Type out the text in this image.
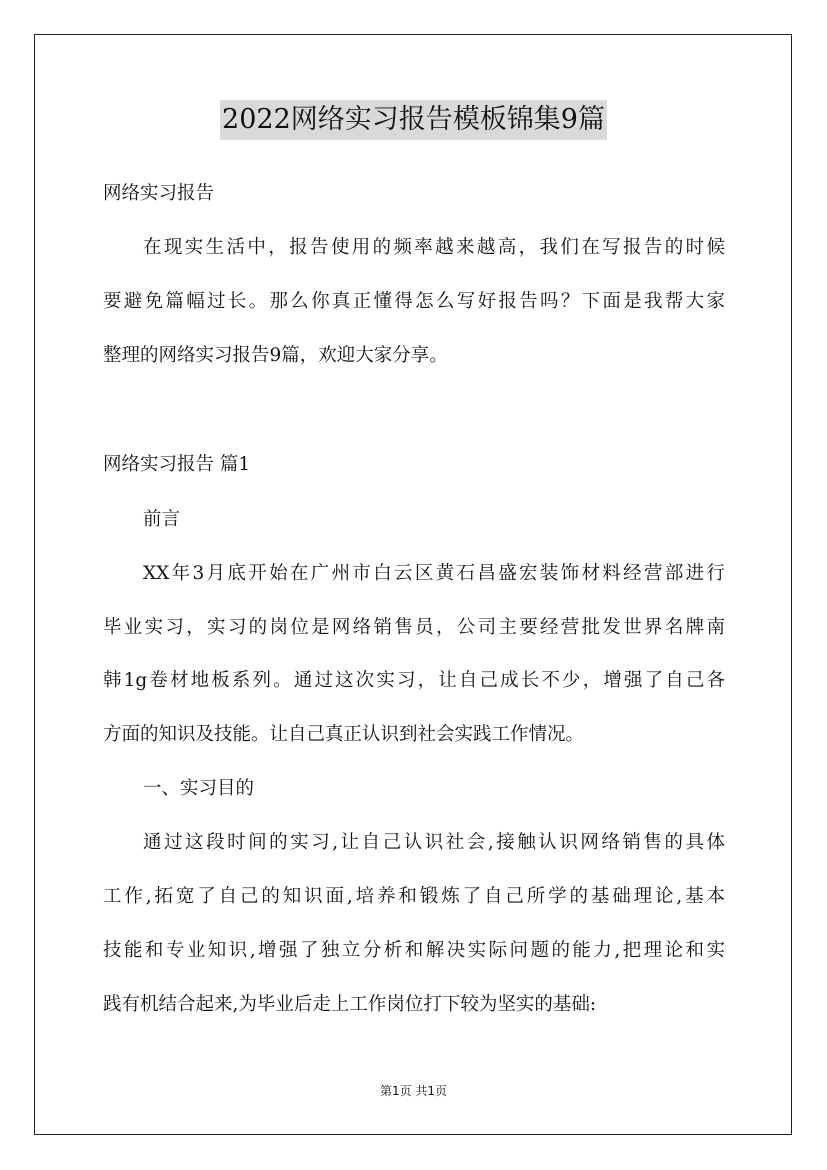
2022网络实习报告模板锦集9篇
网络实习报告
在现实生活中，报告使用的频率越来越高，我们在写报告的时候
要避免篇幅过长。那么你真正懂得怎么写好报告吗？下面是我帮大家
整理的网络实习报告9篇，欢迎大家分享。
网络实习报告 篇1
前言
XX年3月底开始在广州市白云区黄石昌盛宏装饰材料经营部进行
毕业实习，实习的岗位是网络销售员，公司主要经营批发世界名牌南
韩1g卷材地板系列。通过这次实习，让自己成长不少，增强了自己各
方面的知识及技能。让自己真正认识到社会实践工作情况。
一、实习目的
通过这段时间的实习,让自己认识社会,接触认识网络销售的具体
工作,拓宽了自己的知识面,培养和锻炼了自己所学的基础理论,基本
技能和专业知识,增强了独立分析和解决实际问题的能力,把理论和实
践有机结合起来,为毕业后走上工作岗位打下较为坚实的基础:
第1页 共1页
